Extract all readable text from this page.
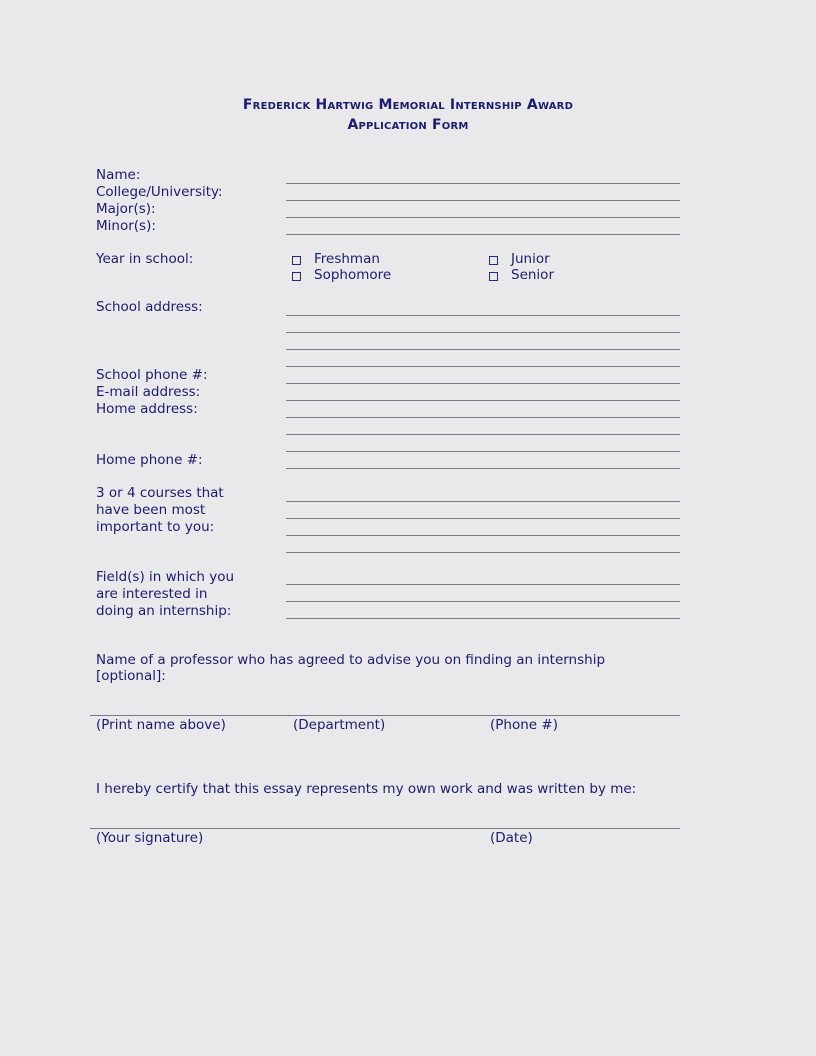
Frederick Hartwig Memorial Internship Award
Application Form
Name:
College/University:
Major(s):
Minor(s):
Year in school:	Freshman
Sophomore
Junior
Senior
School address:
School phone #:
E-mail address:
Home address:
Home phone #:
3 or 4 courses that
have been most
important to you:
Field(s) in which you
are interested in
doing an internship:
Name of a professor who has agreed to advise you on finding an internship
[optional]:
(Print name above)	(Department)	(Phone #)
I hereby certify that this essay represents my own work and was written by me:
(Your signature)	(Date)
